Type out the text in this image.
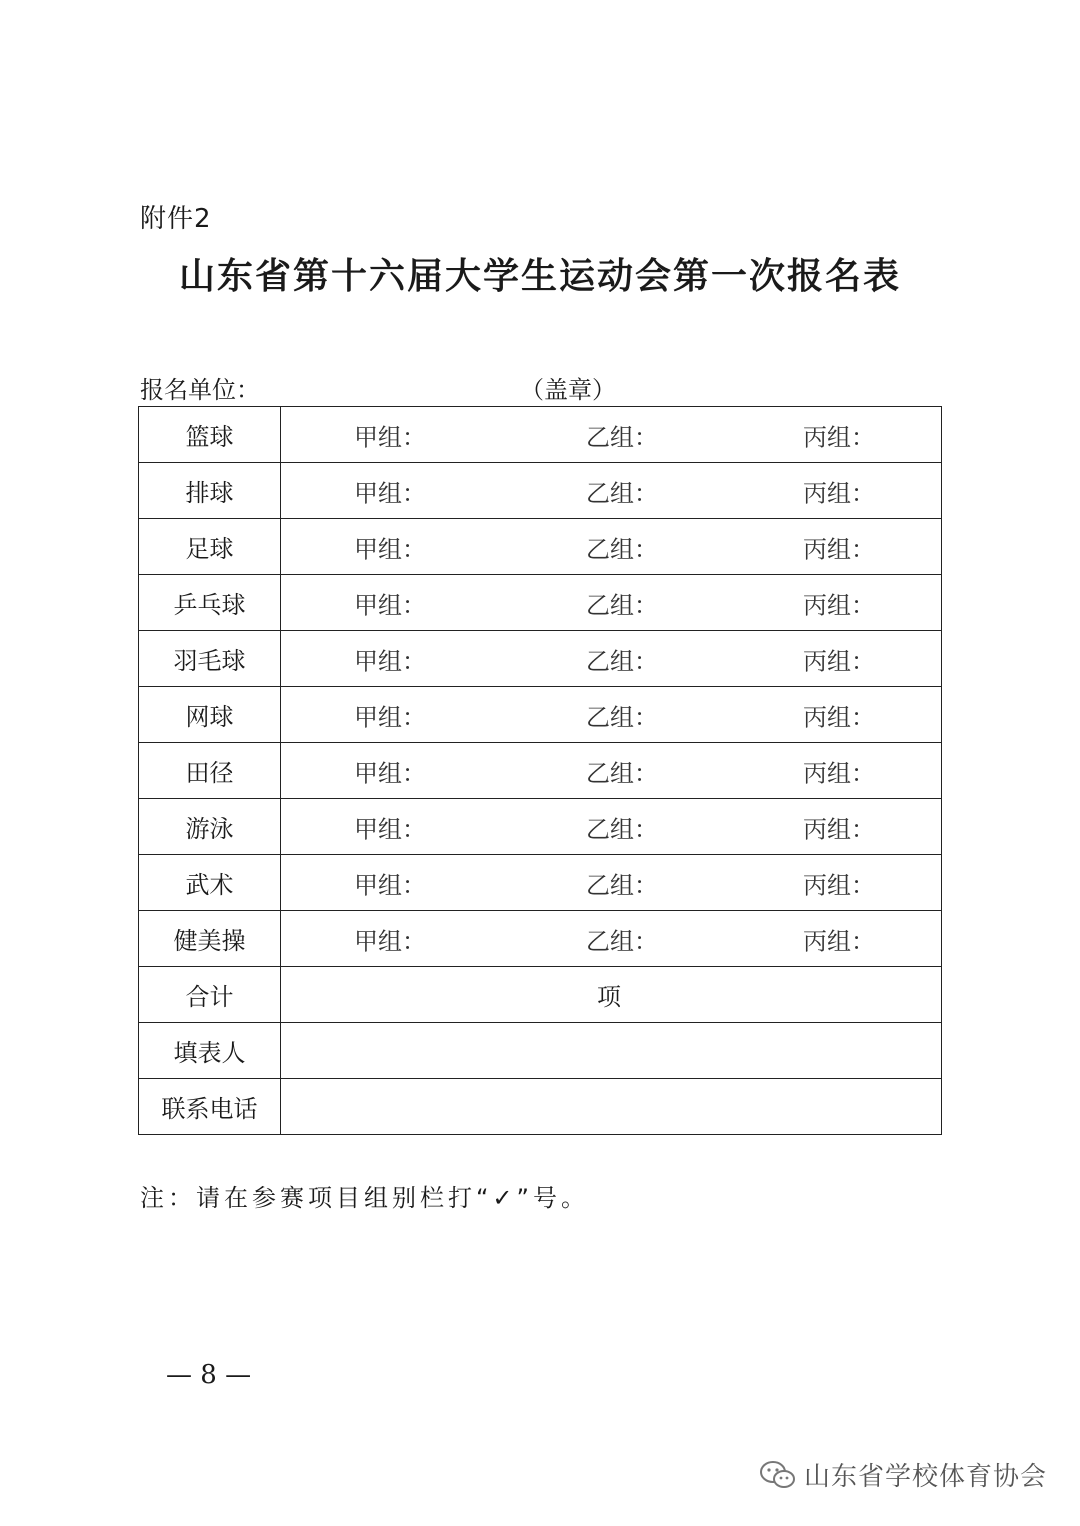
附件2
山东省第十六届大学生运动会第一次报名表
报名单位：	（盖章）
篮球	甲组： 乙组： 丙组：

排球	甲组： 乙组： 丙组：

足球	甲组： 乙组： 丙组：

乒乓球	甲组： 乙组： 丙组：

羽毛球	甲组： 乙组： 丙组：

网球	甲组： 乙组： 丙组：

田径	甲组： 乙组： 丙组：

游泳	甲组： 乙组： 丙组：

武术	甲组： 乙组： 丙组：

健美操	甲组： 乙组： 丙组：

合计	项
填表人	
联系电话	
注：请在参赛项目组别栏打“✓”号。
— 8 —
山东省学校体育协会
